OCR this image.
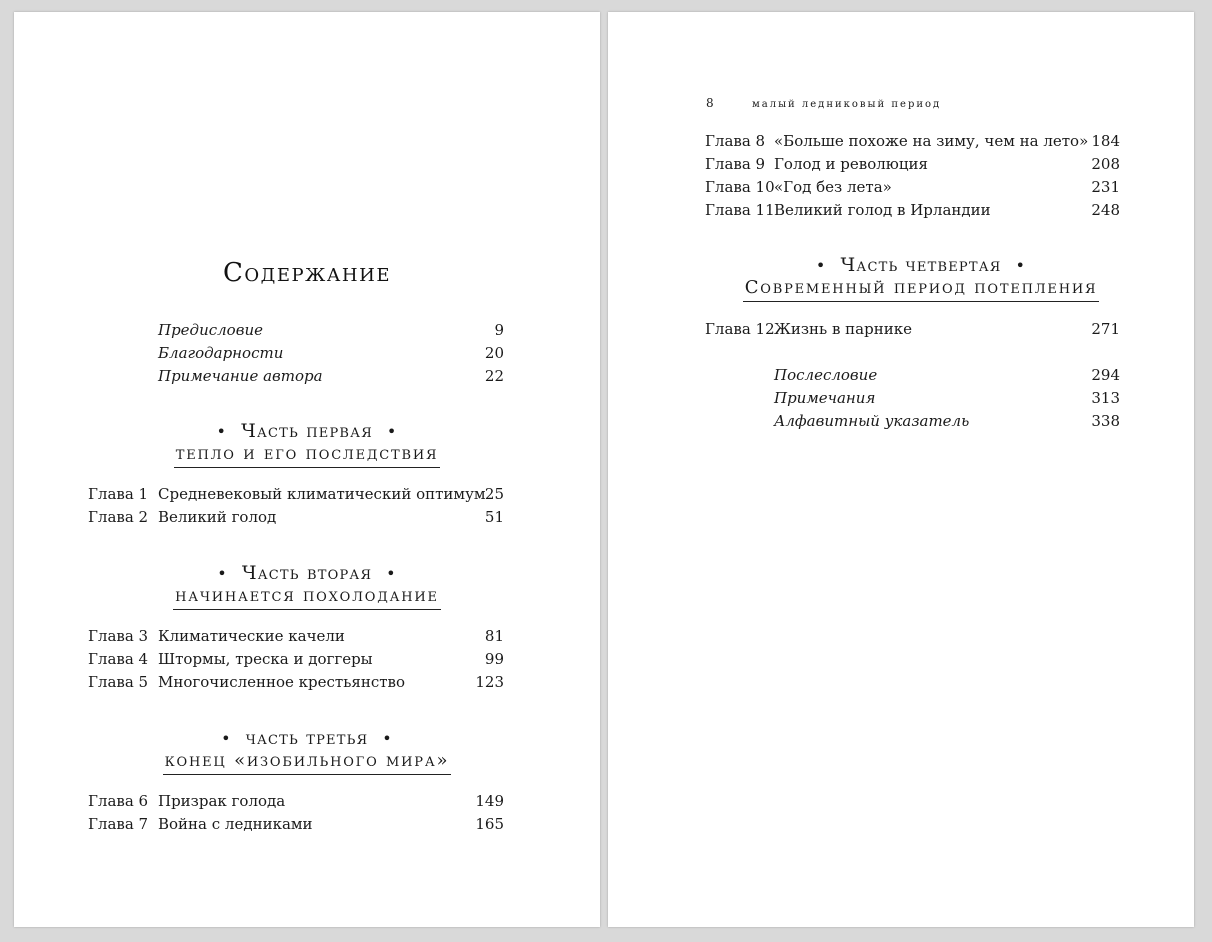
Содержание
Предисловие	9
Благодарности	20
Примечание автора	22
• Часть первая •
тепло и его последствия
Глава 1 Средневековый климатический оптимум 25
Глава 2 Великий голод	51
• Часть вторая •
начинается похолодание
Глава 3 Климатические качели	81
Глава 4 Штормы, треска и доггеры	99
Глава 5 Многочисленное крестьянство	123
• часть третья •
конец «изобильного мира»
Глава 6 Призрак голода	149
Глава 7 Война с ледниками	165
8	малый ледниковый период
Глава 8 «Больше похоже на зиму, чем на лето» 184
Глава 9 Голод и революция	208
Глава 10 «Год без лета»	231
Глава 11 Великий голод в Ирландии	248
• Часть четвертая •
Современный период потепления
Глава 12 Жизнь в парнике	271
Послесловие	294
Примечания	313
Алфавитный указатель	338
